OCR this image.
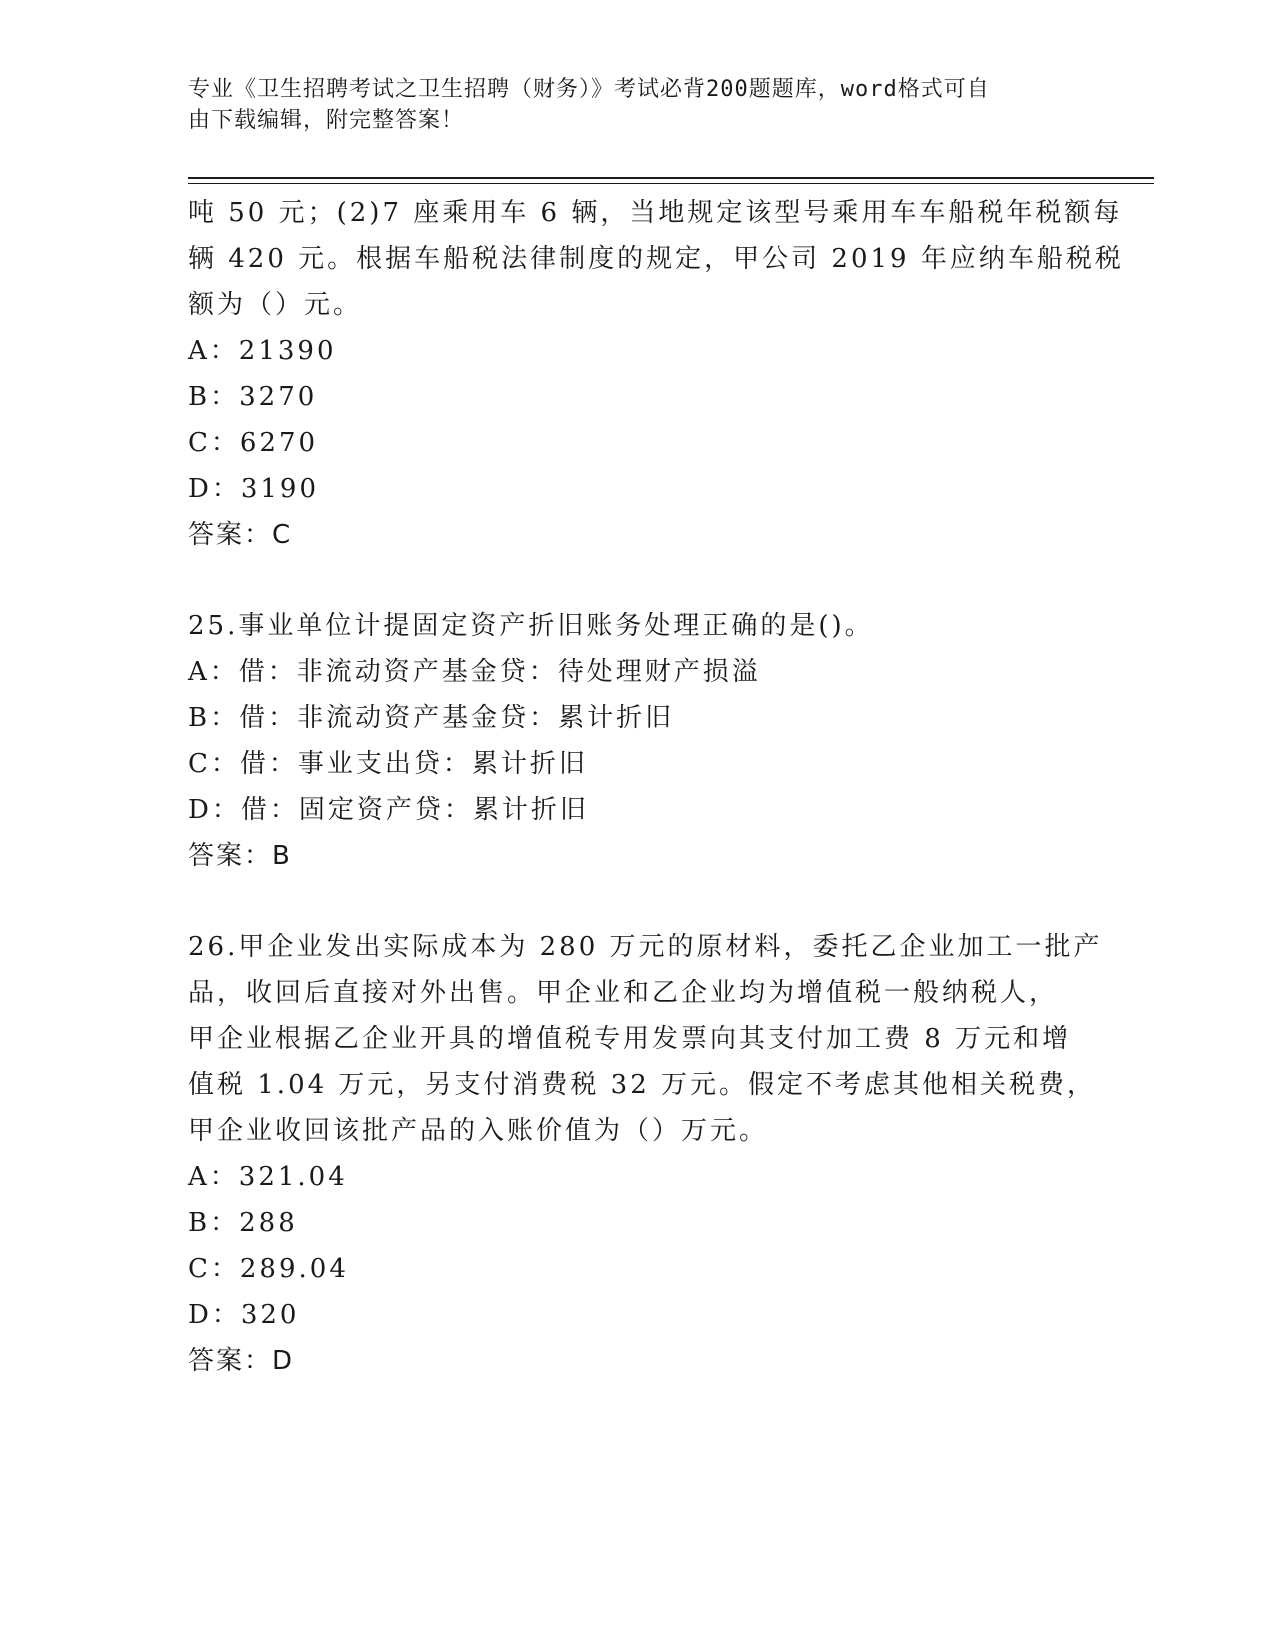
专业《卫生招聘考试之卫生招聘（财务）》考试必背200题题库，word格式可自
由下载编辑，附完整答案！
吨 50 元；(2)7 座乘用车 6 辆，当地规定该型号乘用车车船税年税额每
辆 420 元。根据车船税法律制度的规定，甲公司 2019 年应纳车船税税
额为（）元。
A：21390
B：3270
C：6270
D：3190
答案：C
25.事业单位计提固定资产折旧账务处理正确的是()。
A：借：非流动资产基金贷：待处理财产损溢
B：借：非流动资产基金贷：累计折旧
C：借：事业支出贷：累计折旧
D：借：固定资产贷：累计折旧
答案：B
26.甲企业发出实际成本为 280 万元的原材料，委托乙企业加工一批产
品，收回后直接对外出售。甲企业和乙企业均为增值税一般纳税人，
甲企业根据乙企业开具的增值税专用发票向其支付加工费 8 万元和增
值税 1.04 万元，另支付消费税 32 万元。假定不考虑其他相关税费，
甲企业收回该批产品的入账价值为（）万元。
A：321.04
B：288
C：289.04
D：320
答案：D
